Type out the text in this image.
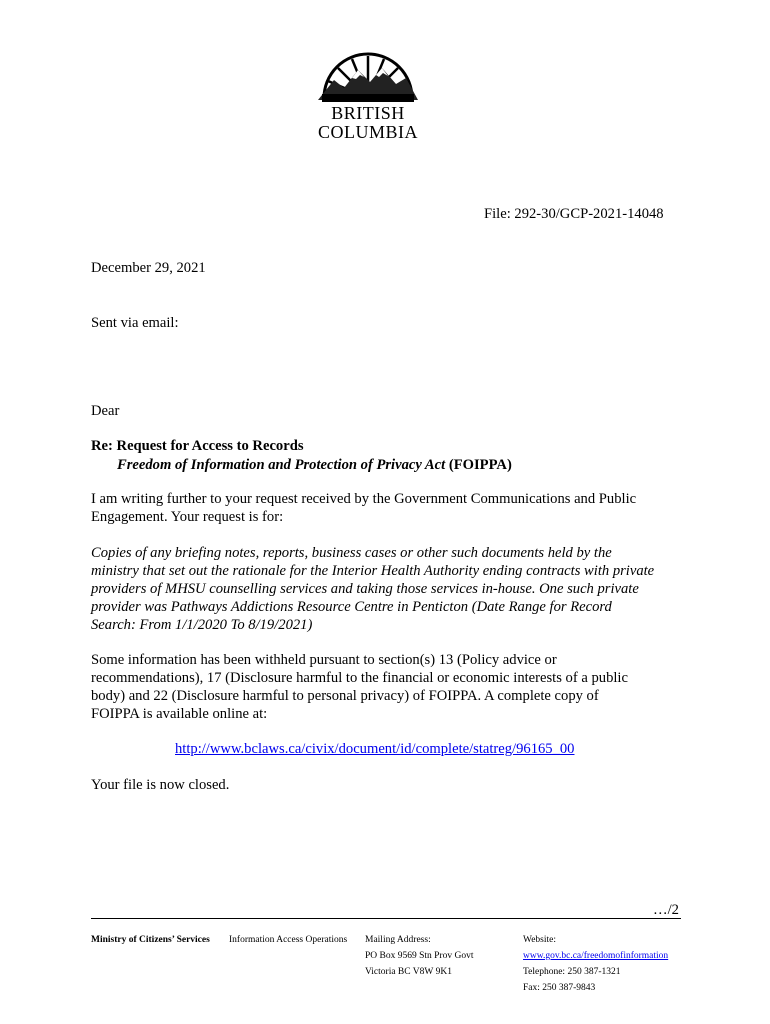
BRITISH
COLUMBIA
File: 292-30/GCP-2021-14048
December 29, 2021
Sent via email:
Dear
Re: Request for Access to Records
Freedom of Information and Protection of Privacy Act (FOIPPA)
I am writing further to your request received by the Government Communications and Public
Engagement. Your request is for:
Copies of any briefing notes, reports, business cases or other such documents held by the
ministry that set out the rationale for the Interior Health Authority ending contracts with private
providers of MHSU counselling services and taking those services in-house. One such private
provider was Pathways Addictions Resource Centre in Penticton (Date Range for Record
Search: From 1/1/2020 To 8/19/2021)
Some information has been withheld pursuant to section(s) 13 (Policy advice or
recommendations), 17 (Disclosure harmful to the financial or economic interests of a public
body) and 22 (Disclosure harmful to personal privacy) of FOIPPA. A complete copy of
FOIPPA is available online at:
http://www.bclaws.ca/civix/document/id/complete/statreg/96165_00
Your file is now closed.
…/2
Ministry of Citizens’ Services Information Access Operations Mailing Address:
PO Box 9569 Stn Prov Govt
Victoria BC V8W 9K1
Website:
www.gov.bc.ca/freedomofinformation
Telephone: 250 387-1321
Fax: 250 387-9843
